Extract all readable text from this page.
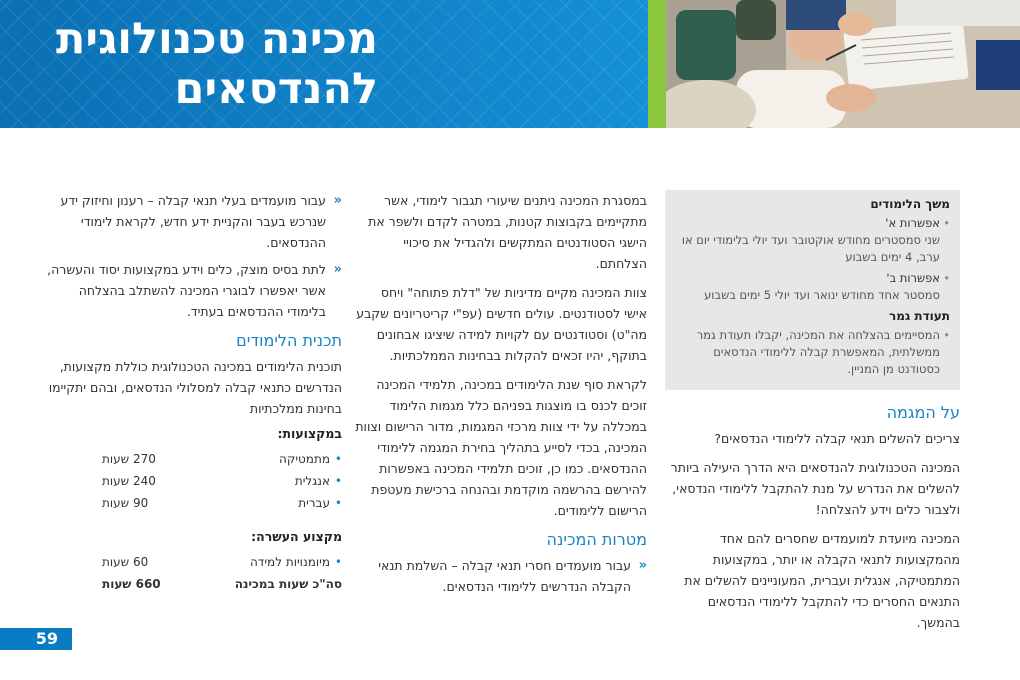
מכינה טכנולוגית
להנדסאים
משך הלימודים
• אפשרות א'
שני סמסטרים מחודש אוקטובר ועד יולי בלימודי יום או ערב, 4 ימים בשבוע
• אפשרות ב'
סמסטר אחד מחודש ינואר ועד יולי 5 ימים בשבוע
תעודת גמר
• המסיימים בהצלחה את המכינה, יקבלו תעודת גמר ממשלתית, המאפשרת קבלה ללימודי הנדסאים כסטודנט מן המניין.
על המגמה

צריכים להשלים תנאי קבלה ללימודי הנדסאים?

המכינה הטכנולוגית להנדסאים היא הדרך היעילה ביותר להשלים את הנדרש על מנת להתקבל ללימודי הנדסאי, ולצבור כלים וידע להצלחה!

המכינה מיועדת למועמדים שחסרים להם אחד מהמקצועות לתנאי הקבלה או יותר, במקצועות המתמטיקה, אנגלית ועברית, המעוניינים להשלים את התנאים החסרים כדי להתקבל ללימודי הנדסאים בהמשך.

במסגרת המכינה ניתנים שיעורי תגבור לימודי, אשר מתקיימים בקבוצות קטנות, במטרה לקדם ולשפר את הישגי הסטודנטים המתקשים ולהגדיל את סיכויי הצלחתם.

צוות המכינה מקיים מדיניות של "דלת פתוחה" ויחס אישי לסטודנטים. עולים חדשים (עפ"י קריטריונים שקבע מה"ט) וסטודנטים עם לקויות למידה שיציגו אבחונים בתוקף, יהיו זכאים להקלות בבחינות הממלכתיות.

לקראת סוף שנת הלימודים במכינה, תלמידי המכינה זוכים לכנס בו מוצגות בפניהם כלל מגמות הלימוד במכללה על ידי צוות מרכזי המגמות, מדור הרישום וצוות המכינה, בכדי לסייע בתהליך בחירת המגמה ללימודי ההנדסאים. כמו כן, זוכים תלמידי המכינה באפשרות להירשם בהרשמה מוקדמת ובהנחה ברכישת מעטפת הרישום ללימודים.

מטרות המכינה
«
עבור מועמדים חסרי תנאי קבלה – השלמת תנאי הקבלה הנדרשים ללימודי הנדסאים.
«
עבור מועמדים בעלי תנאי קבלה – רענון וחיזוק ידע שנרכש בעבר והקניית ידע חדש, לקראת לימודי ההנדסאים.
«
לתת בסיס מוצק, כלים וידע במקצועות יסוד והעשרה, אשר יאפשרו לבוגרי המכינה להשתלב בהצלחה בלימודי ההנדסאים בעתיד.
תכנית הלימודים

תוכנית הלימודים במכינה הטכנולוגית כוללת מקצועות, הנדרשים כתנאי קבלה למסלולי הנדסאים, ובהם יתקיימו בחינות ממלכתיות

במקצועות:
•
מתמטיקה	270 שעות

•
אנגלית	240 שעות

•
עברית	90 שעות
מקצוע העשרה:
•
מיומנויות למידה	60 שעות
סה"כ שעות במכינה	660 שעות
59
